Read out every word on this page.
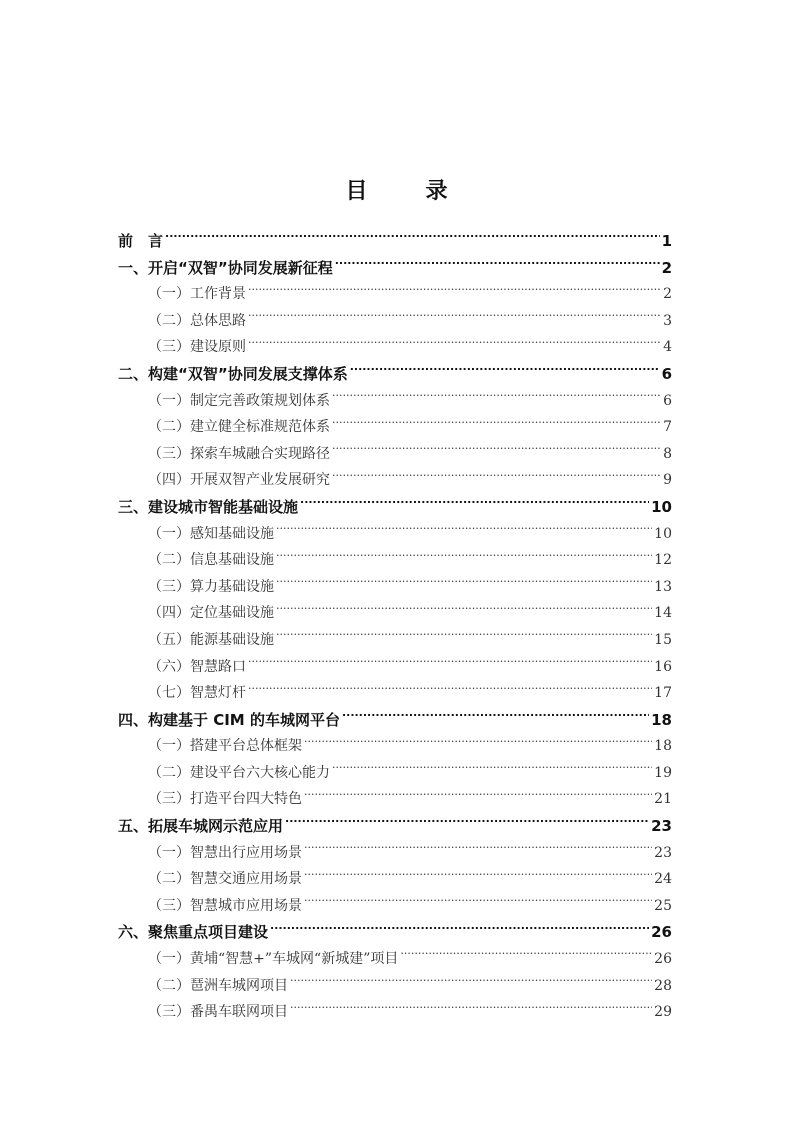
目　录
前　言 .....	1
一、开启“双智”协同发展新征程 .....	2
（一）工作背景 .....	2
（二）总体思路 .....	3
（三）建设原则 .....	4
二、构建“双智”协同发展支撑体系 .....	6
（一）制定完善政策规划体系 .....	6
（二）建立健全标准规范体系 .....	7
（三）探索车城融合实现路径 .....	8
（四）开展双智产业发展研究 .....	9
三、建设城市智能基础设施 .....	10
（一）感知基础设施 .....	10
（二）信息基础设施 .....	12
（三）算力基础设施 .....	13
（四）定位基础设施 .....	14
（五）能源基础设施 .....	15
（六）智慧路口 .....	16
（七）智慧灯杆 .....	17
四、构建基于 CIM 的车城网平台 .....	18
（一）搭建平台总体框架 .....	18
（二）建设平台六大核心能力 .....	19
（三）打造平台四大特色 .....	21
五、拓展车城网示范应用 .....	23
（一）智慧出行应用场景 .....	23
（二）智慧交通应用场景 .....	24
（三）智慧城市应用场景 .....	25
六、聚焦重点项目建设 .....	26
（一）黄埔“智慧+”车城网“新城建”项目 .....	26
（二）琶洲车城网项目 .....	28
（三）番禺车联网项目 .....	29
